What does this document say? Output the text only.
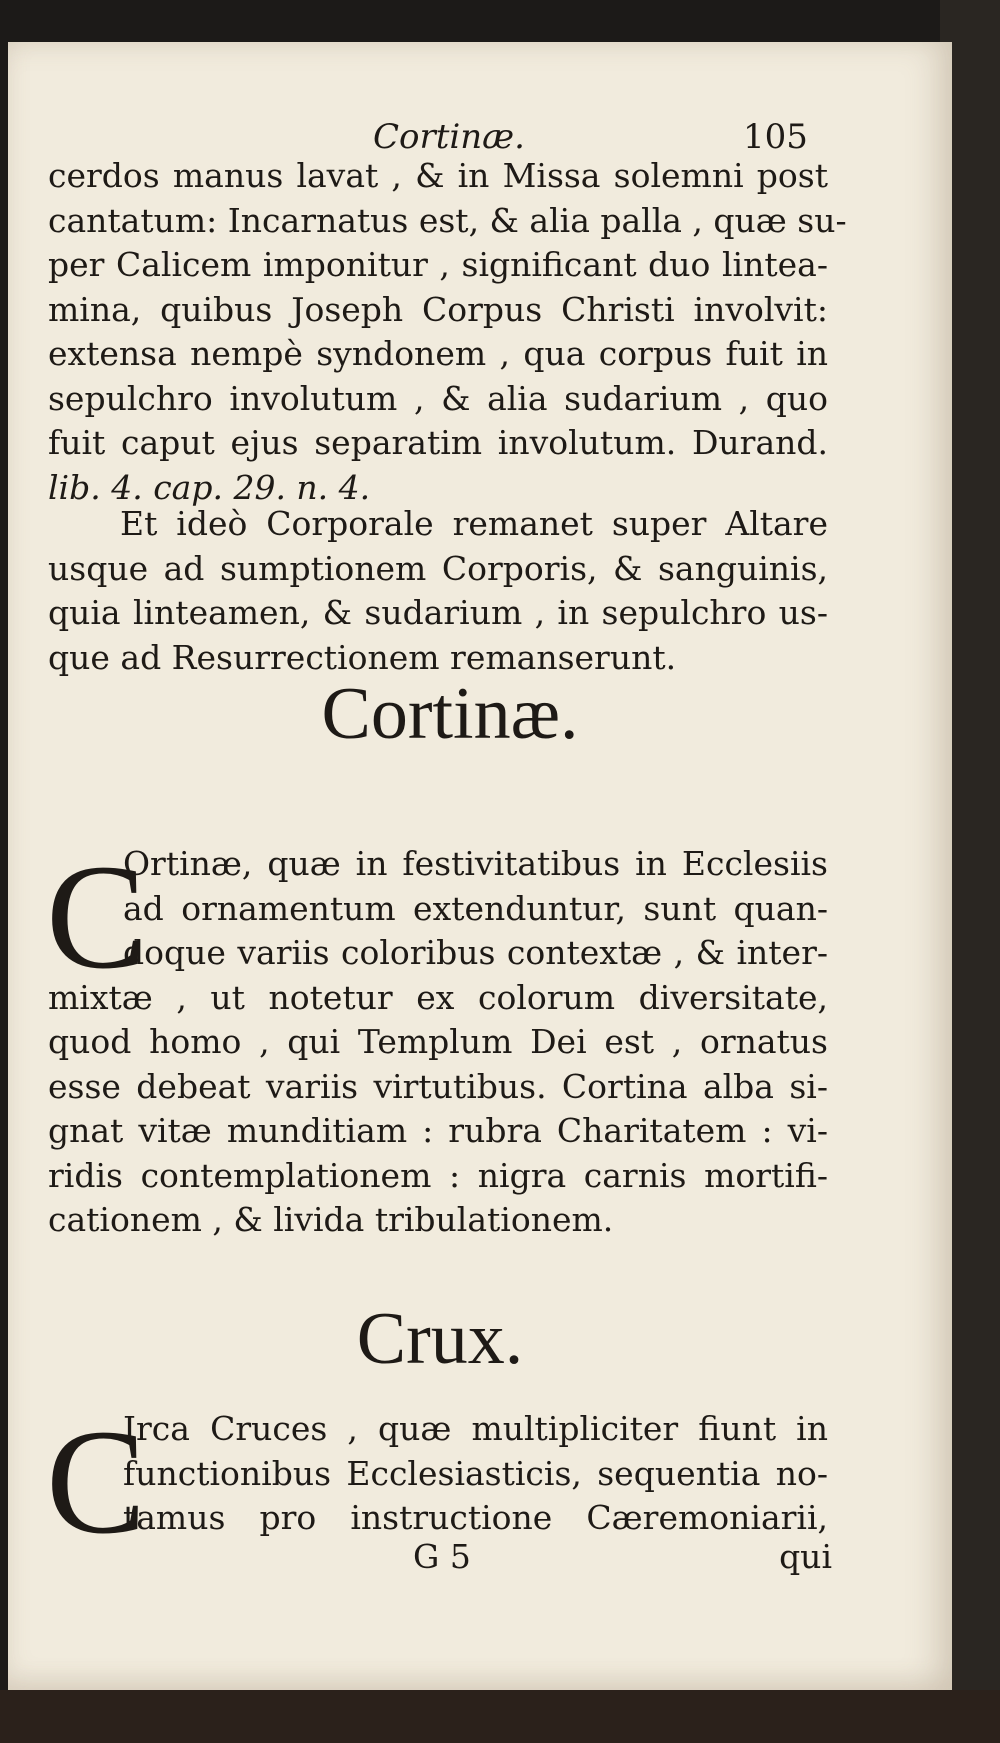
Cortinæ.	105
cerdos manus lavat , & in Missa solemni post
cantatum: Incarnatus est, & alia palla , quæ su-
per Calicem imponitur , significant duo lintea-
mina, quibus Joseph Corpus Christi involvit:
extensa nempè syndonem , qua corpus fuit in
sepulchro involutum , & alia sudarium , quo
fuit caput ejus separatim involutum. Durand.
lib. 4. cap. 29. n. 4.
Et ideò Corporale remanet super Altare
usque ad sumptionem Corporis, & sanguinis,
quia linteamen, & sudarium , in sepulchro us-
que ad Resurrectionem remanserunt.
Cortinæ.
C
Ortinæ, quæ in festivitatibus in Ecclesiis
ad ornamentum extenduntur, sunt quan-
doque variis coloribus contextæ , & inter-
mixtæ , ut notetur ex colorum diversitate,
quod homo , qui Templum Dei est , ornatus
esse debeat variis virtutibus. Cortina alba si-
gnat vitæ munditiam : rubra Charitatem : vi-
ridis contemplationem : nigra carnis mortifi-
cationem , & livida tribulationem.
Crux.
C
Irca Cruces , quæ multipliciter fiunt in
functionibus Ecclesiasticis, sequentia no-
tamus pro instructione Cæremoniarii,
G 5	qui
